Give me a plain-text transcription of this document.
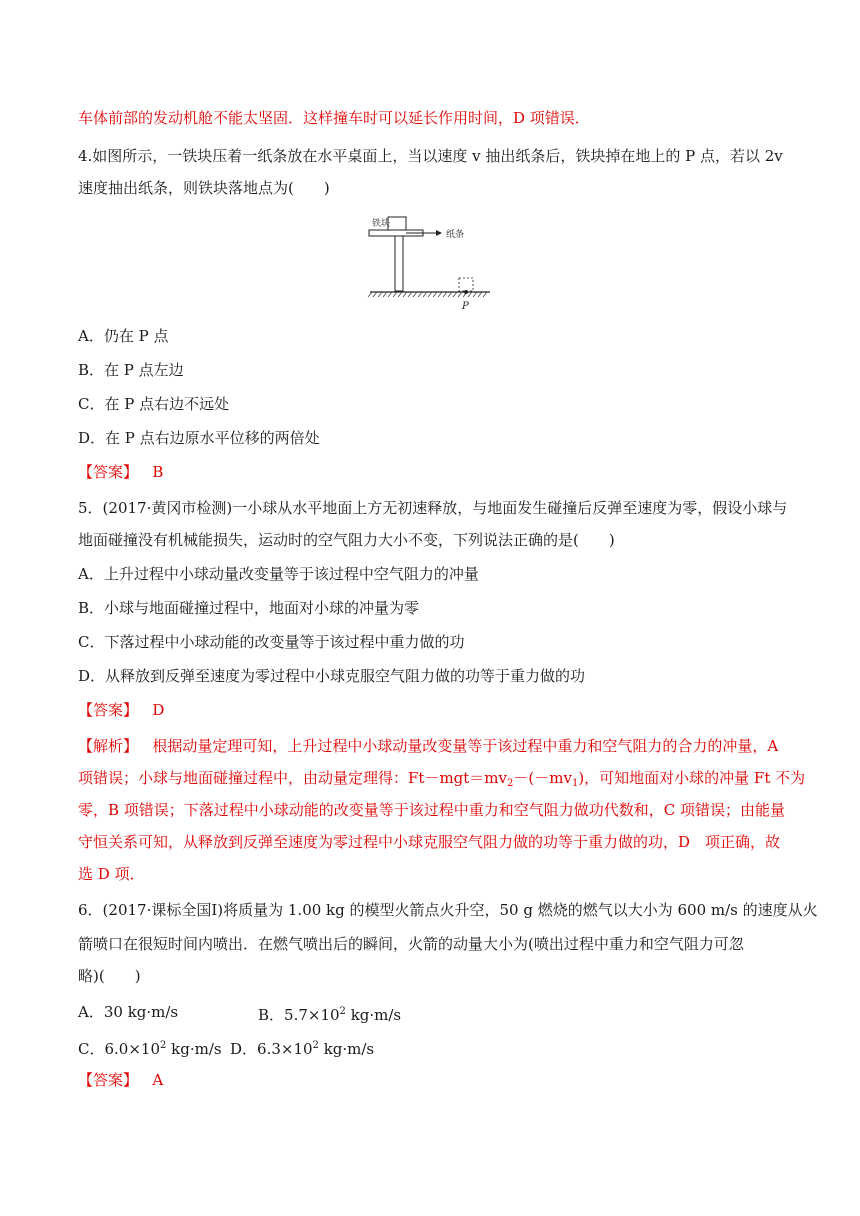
车体前部的发动机舱不能太坚固．这样撞车时可以延长作用时间，D 项错误．
4.如图所示，一铁块压着一纸条放在水平桌面上，当以速度 v 抽出纸条后，铁块掉在地上的 P 点，若以 2v
速度抽出纸条，则铁块落地点为(　　)
铁块
纸条
P
A．仍在 P 点
B．在 P 点左边
C．在 P 点右边不远处
D．在 P 点右边原水平位移的两倍处
【答案】 B
5．(2017·黄冈市检测)一小球从水平地面上方无初速释放，与地面发生碰撞后反弹至速度为零，假设小球与
地面碰撞没有机械能损失，运动时的空气阻力大小不变，下列说法正确的是(　　)
A．上升过程中小球动量改变量等于该过程中空气阻力的冲量
B．小球与地面碰撞过程中，地面对小球的冲量为零
C．下落过程中小球动能的改变量等于该过程中重力做的功
D．从释放到反弹至速度为零过程中小球克服空气阻力做的功等于重力做的功
【答案】 D
【解析】 根据动量定理可知，上升过程中小球动量改变量等于该过程中重力和空气阻力的合力的冲量，A
项错误；小球与地面碰撞过程中，由动量定理得：$Ft-mgt=mv_2-(-mv_1)$，可知地面对小球的冲量 Ft 不为
零，B 项错误；下落过程中小球动能的改变量等于该过程中重力和空气阻力做功代数和，C 项错误；由能量
守恒关系可知，从释放到反弹至速度为零过程中小球克服空气阻力做的功等于重力做的功，D　项正确，故
选 D 项．
6．(2017·课标全国Ⅰ)将质量为 1.00 kg 的模型火箭点火升空，50 g 燃烧的燃气以大小为 600 m/s 的速度从火
箭喷口在很短时间内喷出．在燃气喷出后的瞬间，火箭的动量大小为(喷出过程中重力和空气阻力可忽
略)(　　)
A．30 kg·m/s	B．$5.7\times 10^2$ kg·m/s
C．$6.0\times 10^2$ kg·m/s D．$6.3\times 10^2$ kg·m/s
【答案】 A
